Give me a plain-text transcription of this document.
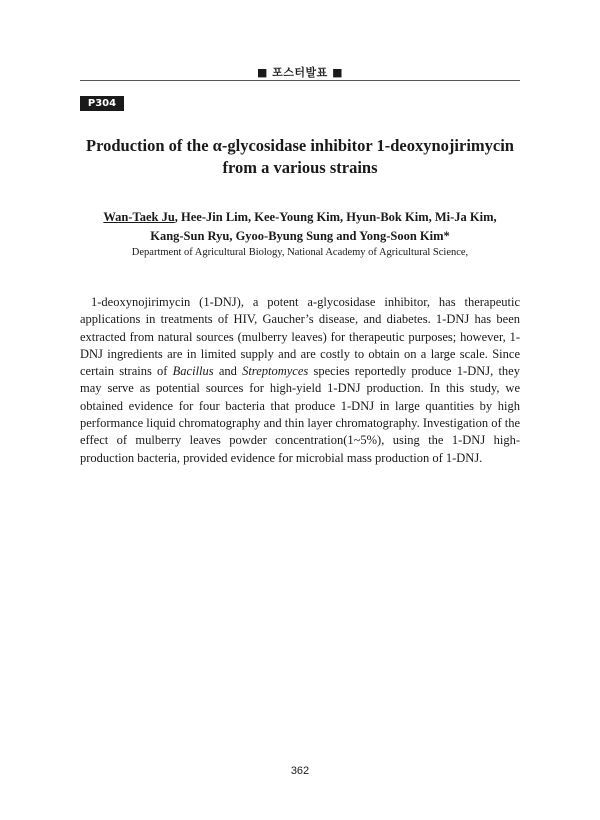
■ 포스터발표 ■
P304
Production of the α-glycosidase inhibitor 1-deoxynojirimycin
from a various strains
Wan-Taek Ju, Hee-Jin Lim, Kee-Young Kim, Hyun-Bok Kim, Mi-Ja Kim,
Kang-Sun Ryu, Gyoo-Byung Sung and Yong-Soon Kim*
Department of Agricultural Biology, National Academy of Agricultural Science,

1-deoxynojirimycin (1-DNJ), a potent a-glycosidase inhibitor, has therapeutic applications in treatments of HIV, Gaucher’s disease, and diabetes. 1-DNJ has been extracted from natural sources (mulberry leaves) for therapeutic purposes; however, 1-DNJ ingredients are in limited supply and are costly to obtain on a large scale. Since certain strains of Bacillus and Streptomyces species reportedly produce 1-DNJ, they may serve as potential sources for high-yield 1-DNJ production. In this study, we obtained evidence for four bacteria that produce 1-DNJ in large quantities by high performance liquid chromatography and thin layer chromatography. Investigation of the effect of mulberry leaves powder concentration(1~5%), using the 1-DNJ high-production bacteria, provided evidence for microbial mass production of 1-DNJ.

362
